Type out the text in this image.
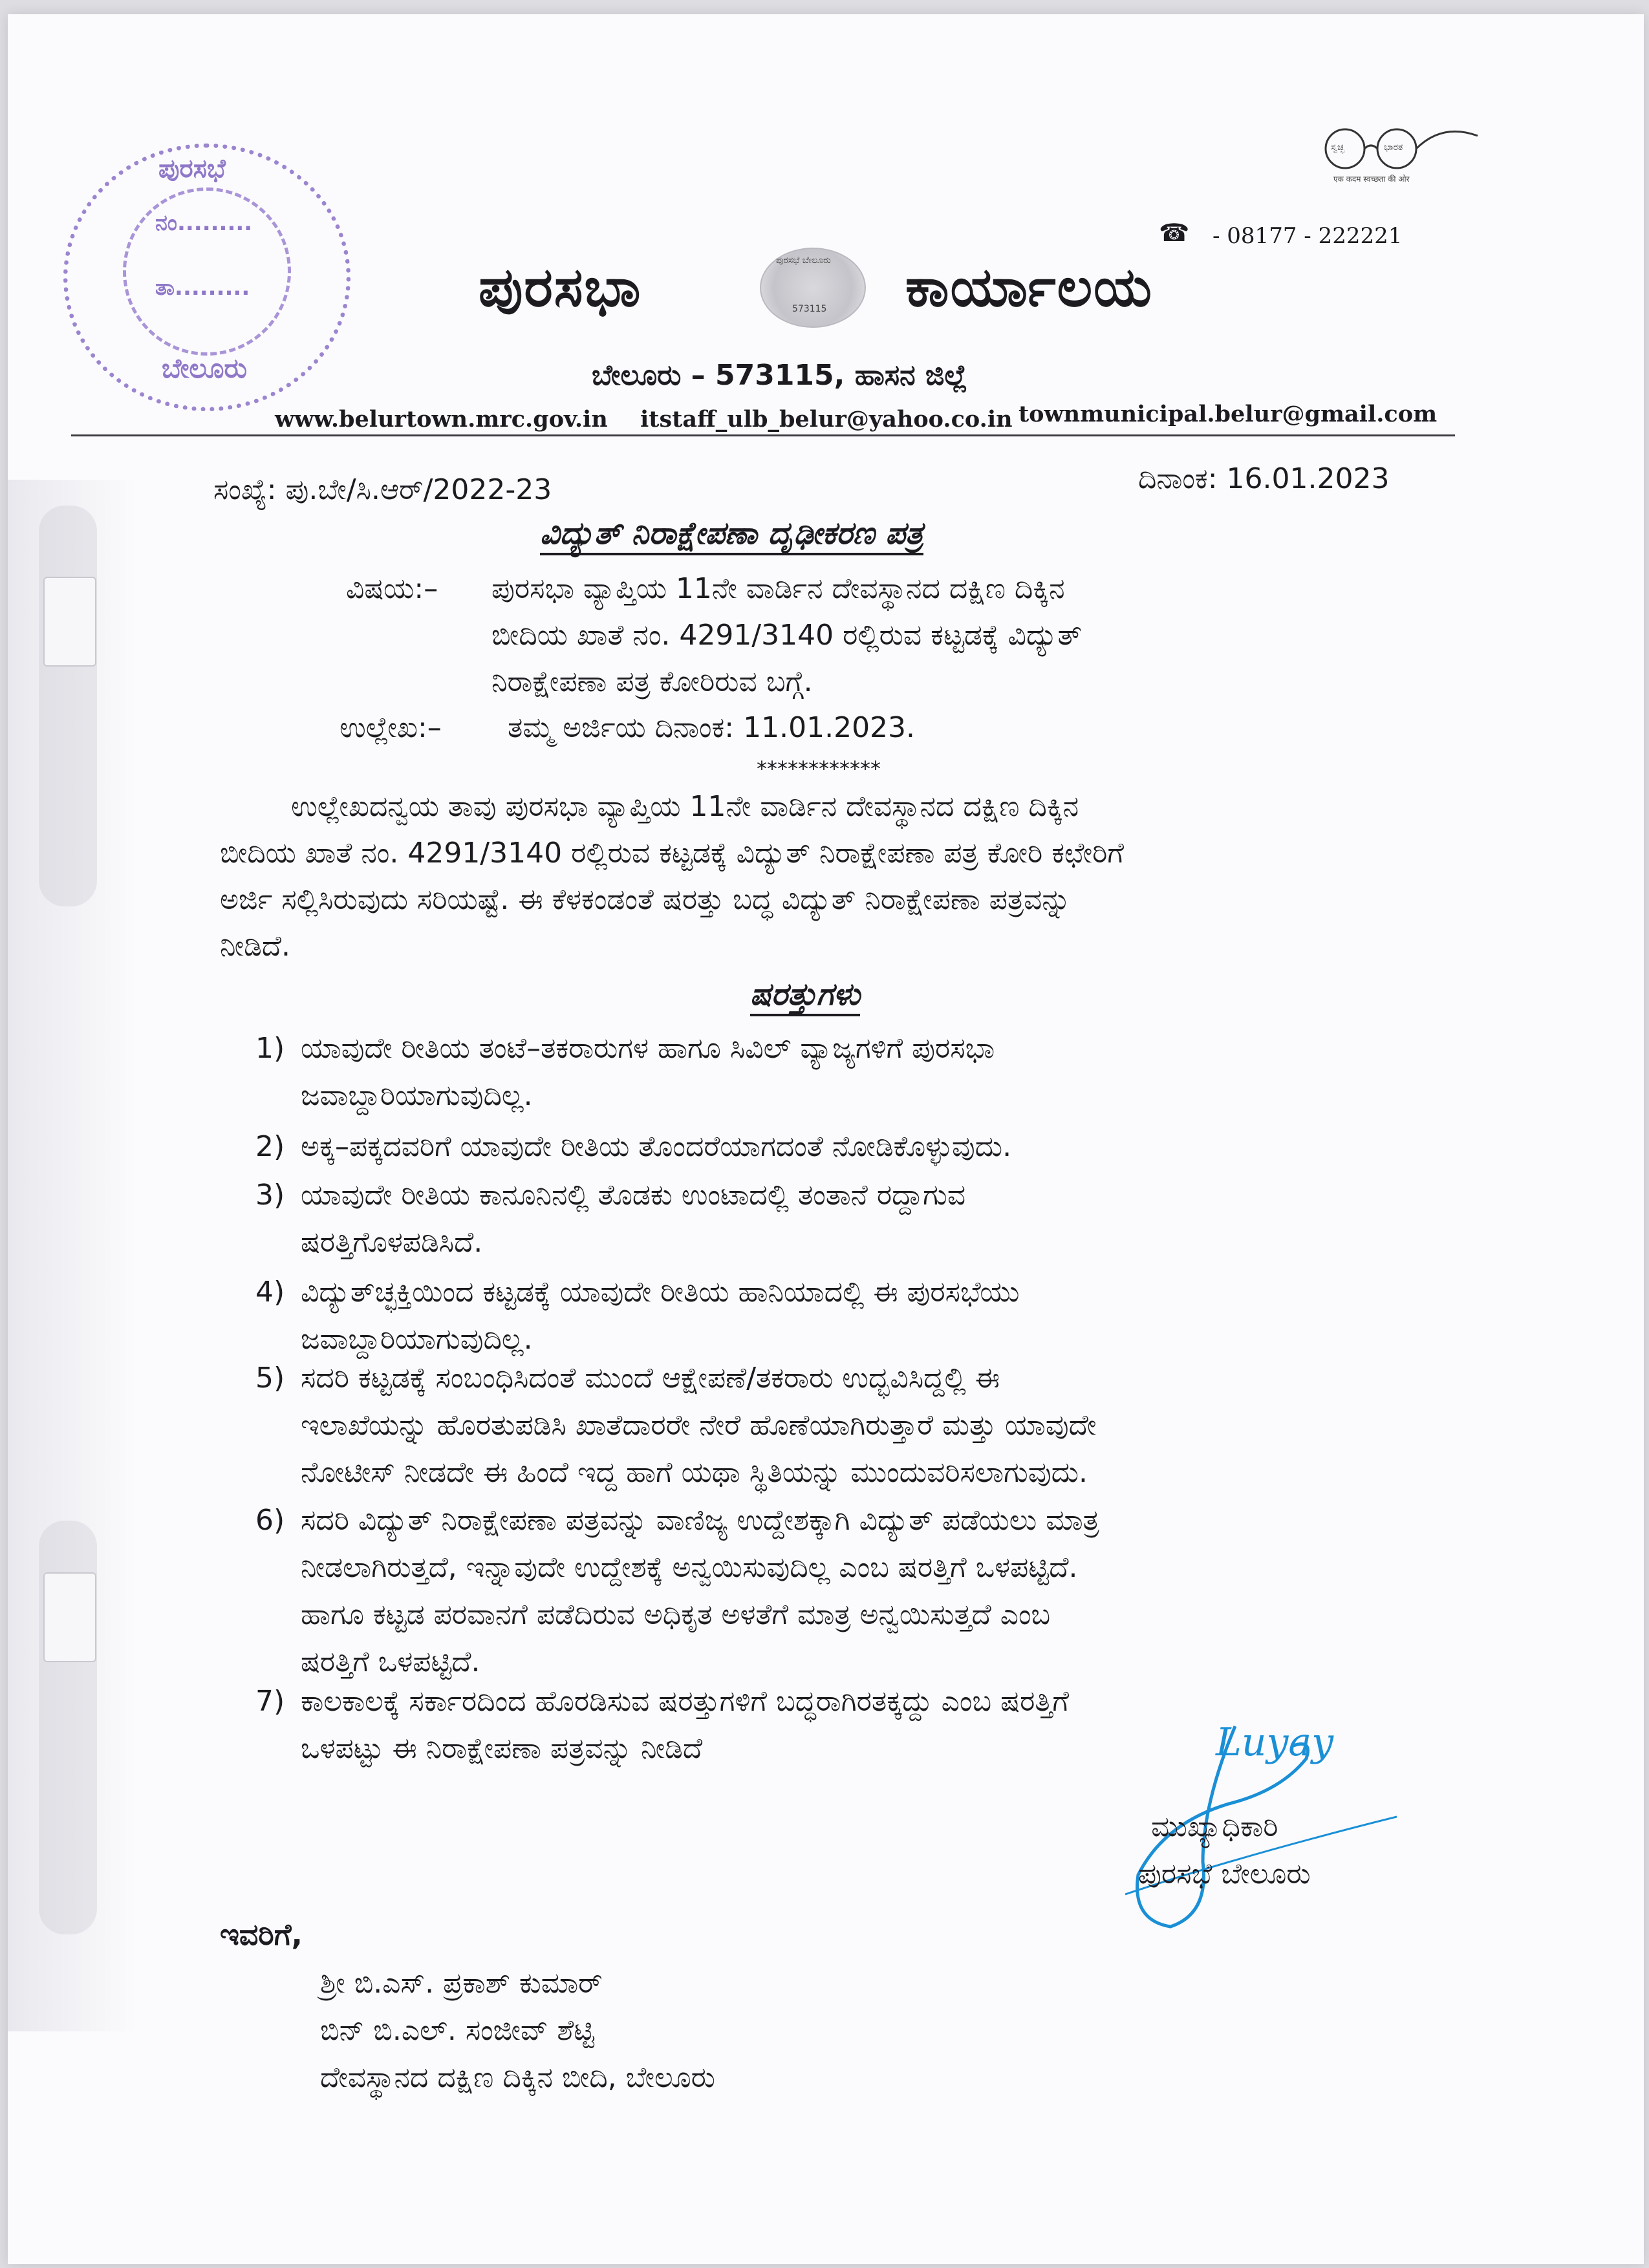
ಪುರಸಭೆ
ನಂ.........
ತಾ.........
ಬೇಲೂರು
ಸ್ವಚ್ಛ	ಭಾರತ
एक कदम स्वच्छता की ओर
☎ - 08177 - 222221
ಪುರಸಭಾ	ಪುರಸಭೆ ಬೇಲೂರು
573115 ಕಾರ್ಯಾಲಯ
ಬೇಲೂರು – 573115, ಹಾಸನ ಜಿಲ್ಲೆ
www.belurtown.mrc.gov.in itstaff_ulb_belur@yahoo.co.in townmunicipal.belur@gmail.com
ಸಂಖ್ಯೆ: ಪು.ಬೇ/ಸಿ.ಆರ್/2022-23	ದಿನಾಂಕ: 16.01.2023
ವಿದ್ಯುತ್ ನಿರಾಕ್ಷೇಪಣಾ ದೃಢೀಕರಣ ಪತ್ರ
ವಿಷಯ:– ಪುರಸಭಾ ವ್ಯಾಪ್ತಿಯ 11ನೇ ವಾರ್ಡಿನ ದೇವಸ್ಥಾನದ ದಕ್ಷಿಣ ದಿಕ್ಕಿನ
ಬೀದಿಯ ಖಾತೆ ನಂ. 4291/3140 ರಲ್ಲಿರುವ ಕಟ್ಟಡಕ್ಕೆ ವಿದ್ಯುತ್
ನಿರಾಕ್ಷೇಪಣಾ ಪತ್ರ ಕೋರಿರುವ ಬಗ್ಗೆ.
ಉಲ್ಲೇಖ:– ತಮ್ಮ ಅರ್ಜಿಯ ದಿನಾಂಕ: 11.01.2023.
************
ಉಲ್ಲೇಖದನ್ವಯ ತಾವು ಪುರಸಭಾ ವ್ಯಾಪ್ತಿಯ 11ನೇ ವಾರ್ಡಿನ ದೇವಸ್ಥಾನದ ದಕ್ಷಿಣ ದಿಕ್ಕಿನ
ಬೀದಿಯ ಖಾತೆ ನಂ. 4291/3140 ರಲ್ಲಿರುವ ಕಟ್ಟಡಕ್ಕೆ ವಿದ್ಯುತ್ ನಿರಾಕ್ಷೇಪಣಾ ಪತ್ರ ಕೋರಿ ಕಛೇರಿಗೆ
ಅರ್ಜಿ ಸಲ್ಲಿಸಿರುವುದು ಸರಿಯಷ್ಟೆ. ಈ ಕೆಳಕಂಡಂತೆ ಷರತ್ತು ಬದ್ಧ ವಿದ್ಯುತ್ ನಿರಾಕ್ಷೇಪಣಾ ಪತ್ರವನ್ನು
ನೀಡಿದೆ.
ಷರತ್ತುಗಳು
1) ಯಾವುದೇ ರೀತಿಯ ತಂಟೆ–ತಕರಾರುಗಳ ಹಾಗೂ ಸಿವಿಲ್ ವ್ಯಾಜ್ಯಗಳಿಗೆ ಪುರಸಭಾ
ಜವಾಬ್ದಾರಿಯಾಗುವುದಿಲ್ಲ.
2) ಅಕ್ಕ–ಪಕ್ಕದವರಿಗೆ ಯಾವುದೇ ರೀತಿಯ ತೊಂದರೆಯಾಗದಂತೆ ನೋಡಿಕೊಳ್ಳುವುದು.
3) ಯಾವುದೇ ರೀತಿಯ ಕಾನೂನಿನಲ್ಲಿ ತೊಡಕು ಉಂಟಾದಲ್ಲಿ ತಂತಾನೆ ರದ್ದಾಗುವ
ಷರತ್ತಿಗೊಳಪಡಿಸಿದೆ.
4) ವಿದ್ಯುತ್‌ಚ್ಛಕ್ತಿಯಿಂದ ಕಟ್ಟಡಕ್ಕೆ ಯಾವುದೇ ರೀತಿಯ ಹಾನಿಯಾದಲ್ಲಿ ಈ ಪುರಸಭೆಯು
ಜವಾಬ್ದಾರಿಯಾಗುವುದಿಲ್ಲ.
5) ಸದರಿ ಕಟ್ಟಡಕ್ಕೆ ಸಂಬಂಧಿಸಿದಂತೆ ಮುಂದೆ ಆಕ್ಷೇಪಣೆ/ತಕರಾರು ಉದ್ಭವಿಸಿದ್ದಲ್ಲಿ ಈ
ಇಲಾಖೆಯನ್ನು ಹೊರತುಪಡಿಸಿ ಖಾತೆದಾರರೇ ನೇರೆ ಹೊಣೆಯಾಗಿರುತ್ತಾರೆ ಮತ್ತು ಯಾವುದೇ
ನೋಟೀಸ್ ನೀಡದೇ ಈ ಹಿಂದೆ ಇದ್ದ ಹಾಗೆ ಯಥಾ ಸ್ಥಿತಿಯನ್ನು ಮುಂದುವರಿಸಲಾಗುವುದು.
6) ಸದರಿ ವಿದ್ಯುತ್ ನಿರಾಕ್ಷೇಪಣಾ ಪತ್ರವನ್ನು ವಾಣಿಜ್ಯ ಉದ್ದೇಶಕ್ಕಾಗಿ ವಿದ್ಯುತ್ ಪಡೆಯಲು ಮಾತ್ರ
ನೀಡಲಾಗಿರುತ್ತದೆ, ಇನ್ನಾವುದೇ ಉದ್ದೇಶಕ್ಕೆ ಅನ್ವಯಿಸುವುದಿಲ್ಲ ಎಂಬ ಷರತ್ತಿಗೆ ಒಳಪಟ್ಟಿದೆ.
ಹಾಗೂ ಕಟ್ಟಡ ಪರವಾನಗೆ ಪಡೆದಿರುವ ಅಧಿಕೃತ ಅಳತೆಗೆ ಮಾತ್ರ ಅನ್ವಯಿಸುತ್ತದೆ ಎಂಬ
ಷರತ್ತಿಗೆ ಒಳಪಟ್ಟಿದೆ.
7) ಕಾಲಕಾಲಕ್ಕೆ ಸರ್ಕಾರದಿಂದ ಹೊರಡಿಸುವ ಷರತ್ತುಗಳಿಗೆ ಬದ್ಧರಾಗಿರತಕ್ಕದ್ದು ಎಂಬ ಷರತ್ತಿಗೆ
ಒಳಪಟ್ಟು ಈ ನಿರಾಕ್ಷೇಪಣಾ ಪತ್ರವನ್ನು ನೀಡಿದೆ	Luyay
ಮುಖ್ಯಾಧಿಕಾರಿ
ಪುರಸಭೆ ಬೇಲೂರು
ಇವರಿಗೆ,
ಶ್ರೀ ಬಿ.ಎಸ್. ಪ್ರಕಾಶ್ ಕುಮಾರ್
ಬಿನ್ ಬಿ.ಎಲ್. ಸಂಜೀವ್ ಶೆಟ್ಟಿ
ದೇವಸ್ಥಾನದ ದಕ್ಷಿಣ ದಿಕ್ಕಿನ ಬೀದಿ, ಬೇಲೂರು
